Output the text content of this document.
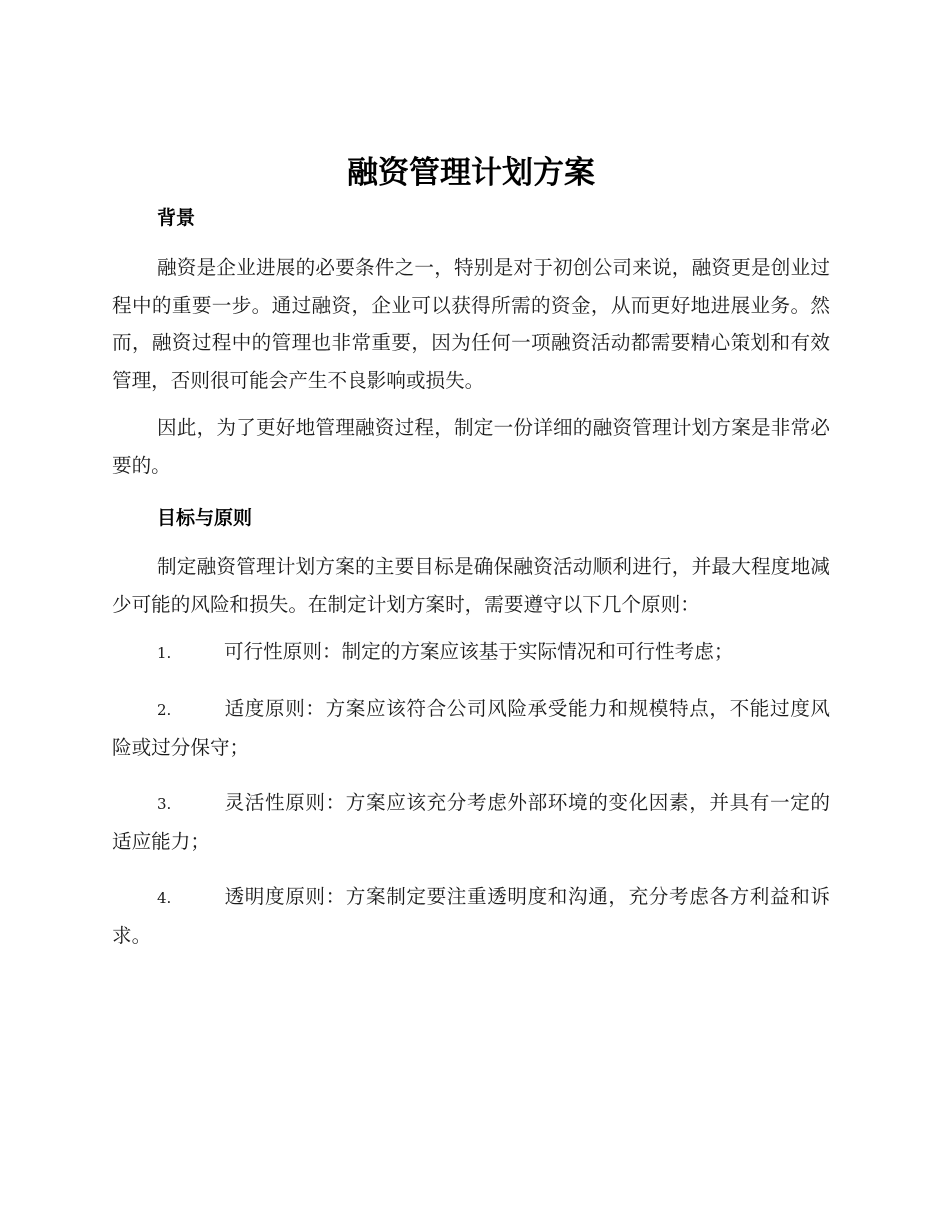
融资管理计划方案
背景

融资是企业进展的必要条件之一，特别是对于初创公司来说，融资更是创业过程中的重要一步。通过融资，企业可以获得所需的资金，从而更好地进展业务。然而，融资过程中的管理也非常重要，因为任何一项融资活动都需要精心策划和有效管理，否则很可能会产生不良影响或损失。

因此，为了更好地管理融资过程，制定一份详细的融资管理计划方案是非常必要的。

目标与原则

制定融资管理计划方案的主要目标是确保融资活动顺利进行，并最大程度地减少可能的风险和损失。在制定计划方案时，需要遵守以下几个原则：

1.	可行性原则：制定的方案应该基于实际情况和可行性考虑；

2.	适度原则：方案应该符合公司风险承受能力和规模特点，不能过度风险或过分保守；

3.	灵活性原则：方案应该充分考虑外部环境的变化因素，并具有一定的适应能力；

4.	透明度原则：方案制定要注重透明度和沟通，充分考虑各方利益和诉求。
